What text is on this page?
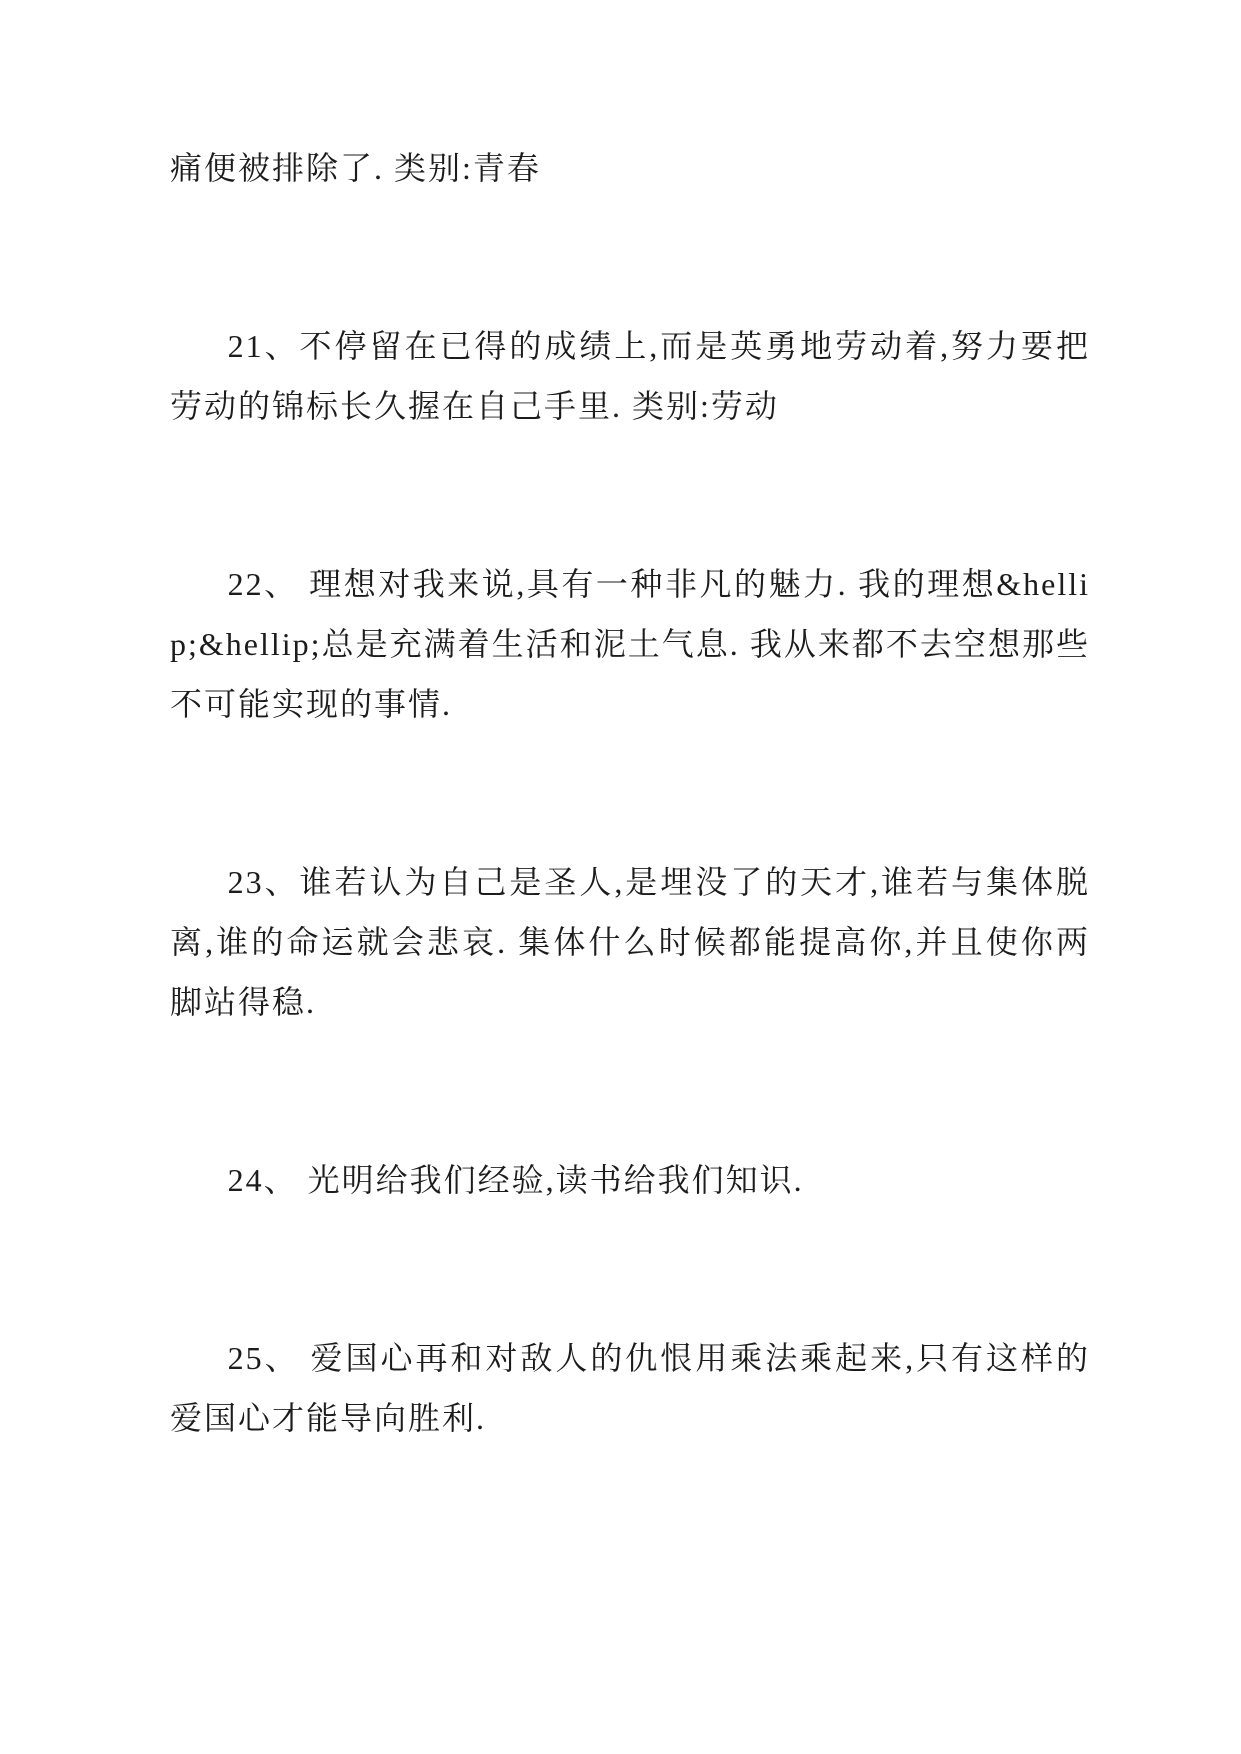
痛便被排除了. 类别:青春

21、不停留在已得的成绩上,而是英勇地劳动着,努力要把劳动的锦标长久握在自己手里. 类别:劳动

22、 理想对我来说,具有一种非凡的魅力. 我的理想&hellip;&hellip;总是充满着生活和泥土气息. 我从来都不去空想那些不可能实现的事情.

23、谁若认为自己是圣人,是埋没了的天才,谁若与集体脱离,谁的命运就会悲哀. 集体什么时候都能提高你,并且使你两脚站得稳.

24、 光明给我们经验,读书给我们知识.

25、 爱国心再和对敌人的仇恨用乘法乘起来,只有这样的爱国心才能导向胜利.
